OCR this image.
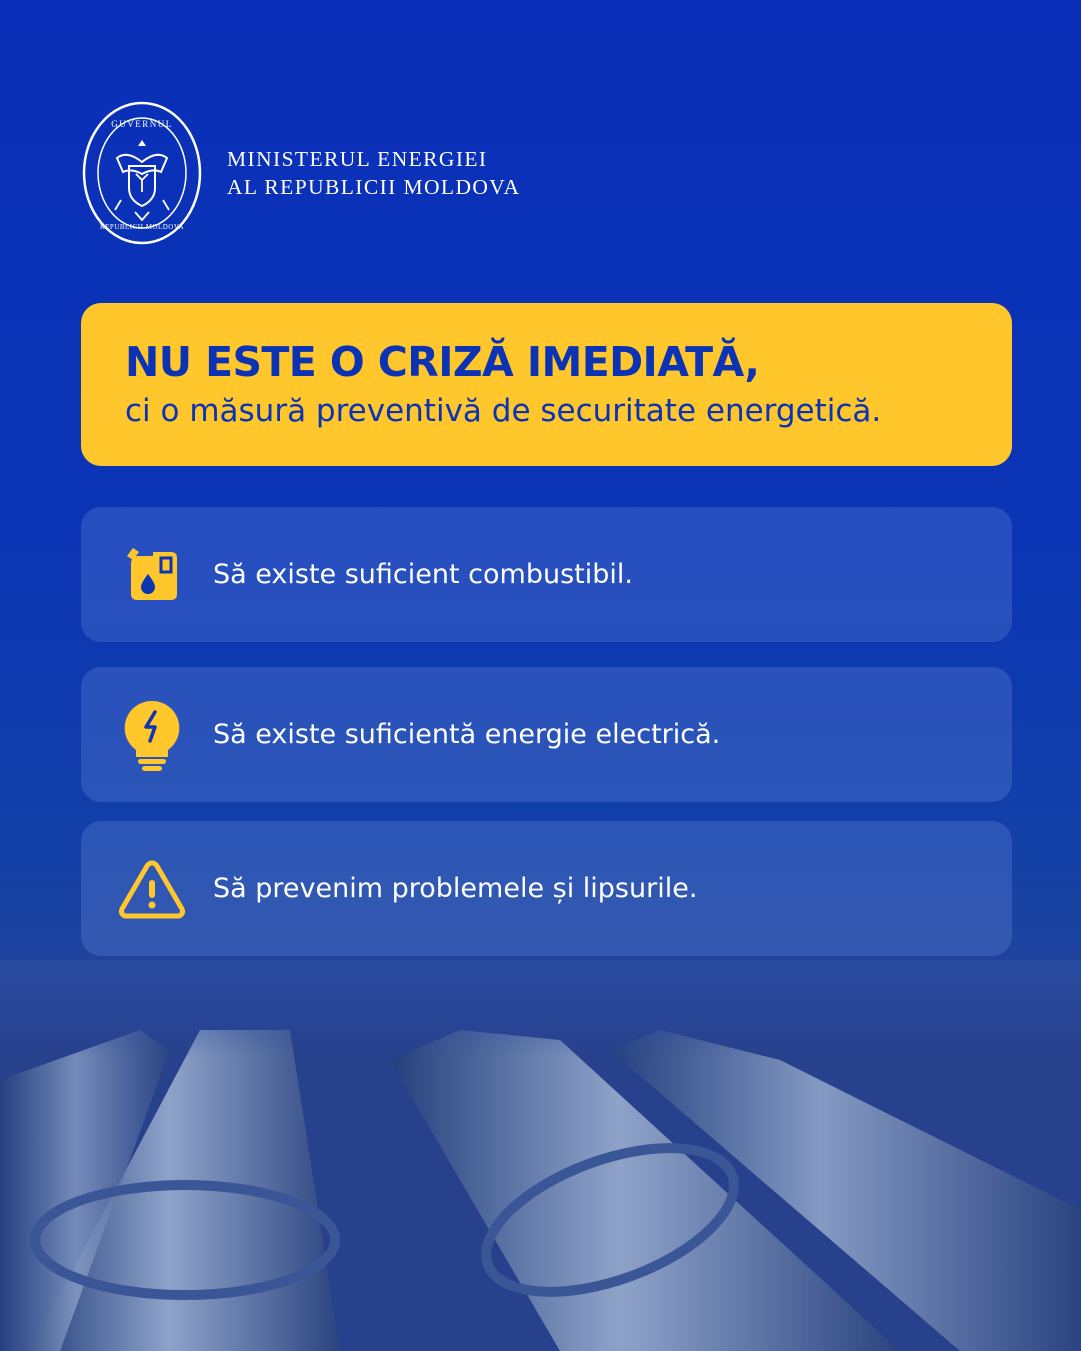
GUVERNUL
REPUBLICII MOLDOVA
MINISTERUL ENERGIEI
AL REPUBLICII MOLDOVA
NU ESTE O CRIZĂ IMEDIATĂ,
ci o măsură preventivă de securitate energetică.
Să existe suficient combustibil.
Să existe suficientă energie electrică.
Să prevenim problemele și lipsurile.
